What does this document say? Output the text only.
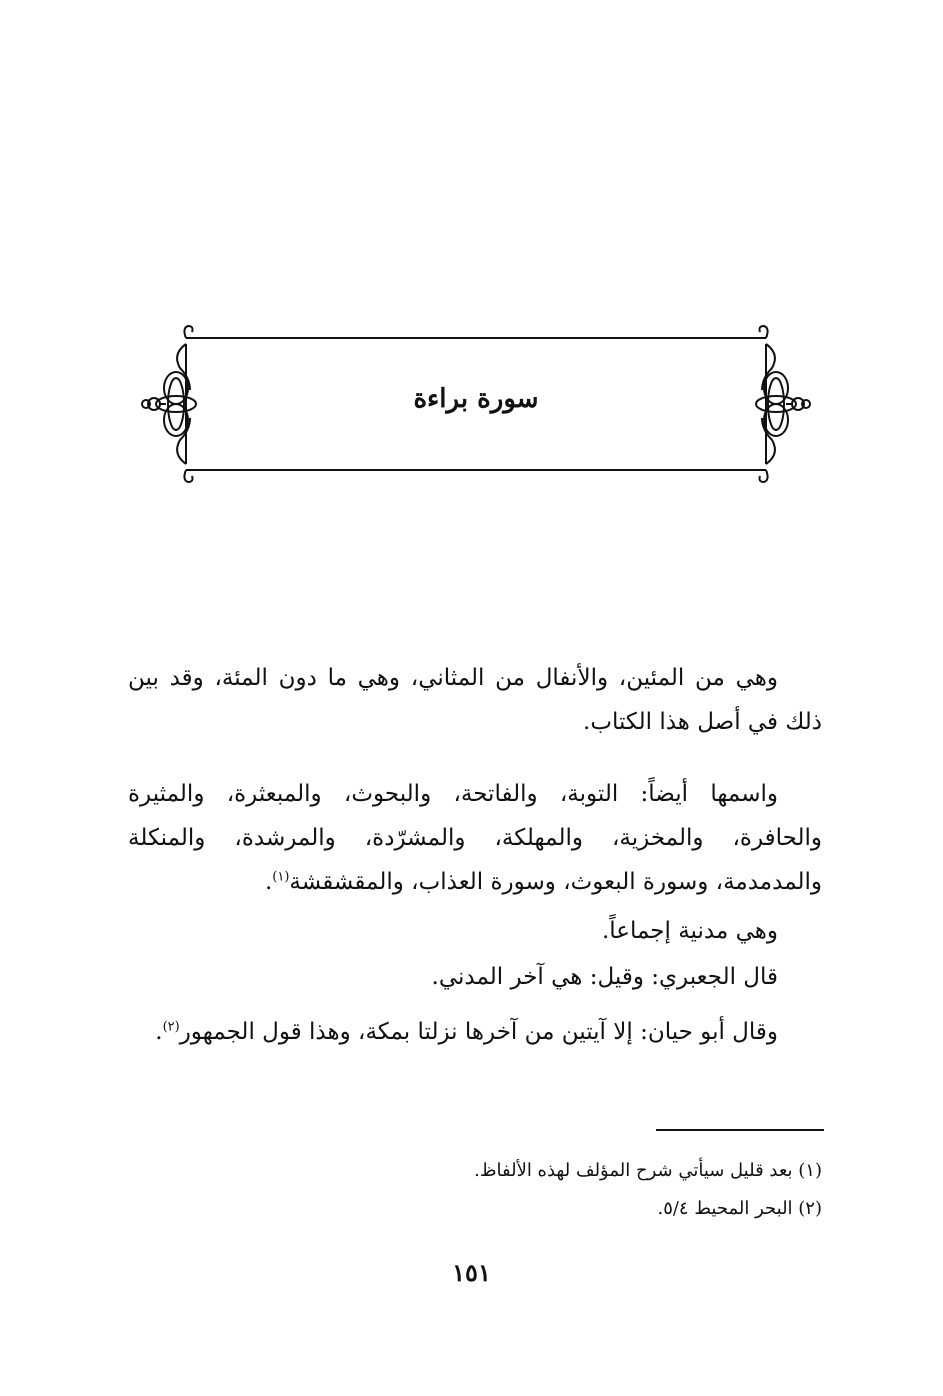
سورة براءة

وهي من المئين، والأنفال من المثاني، وهي ما دون المئة، وقد بين ذلك في أصل هذا الكتاب.

واسمها أيضاً: التوبة، والفاتحة، والبحوث، والمبعثرة، والمثيرة والحافرة، والمخزية، والمهلكة، والمشرّدة، والمرشدة، والمنكلة والمدمدمة، وسورة البعوث، وسورة العذاب، والمقشقشة$^{(١)}$.

وهي مدنية إجماعاً.

قال الجعبري: وقيل: هي آخر المدني.

وقال أبو حيان: إلا آيتين من آخرها نزلتا بمكة، وهذا قول الجمهور$^{(٢)}$.

(١) بعد قليل سيأتي شرح المؤلف لهذه الألفاظ.

(٢) البحر المحيط ٥/٤.

١٥١
